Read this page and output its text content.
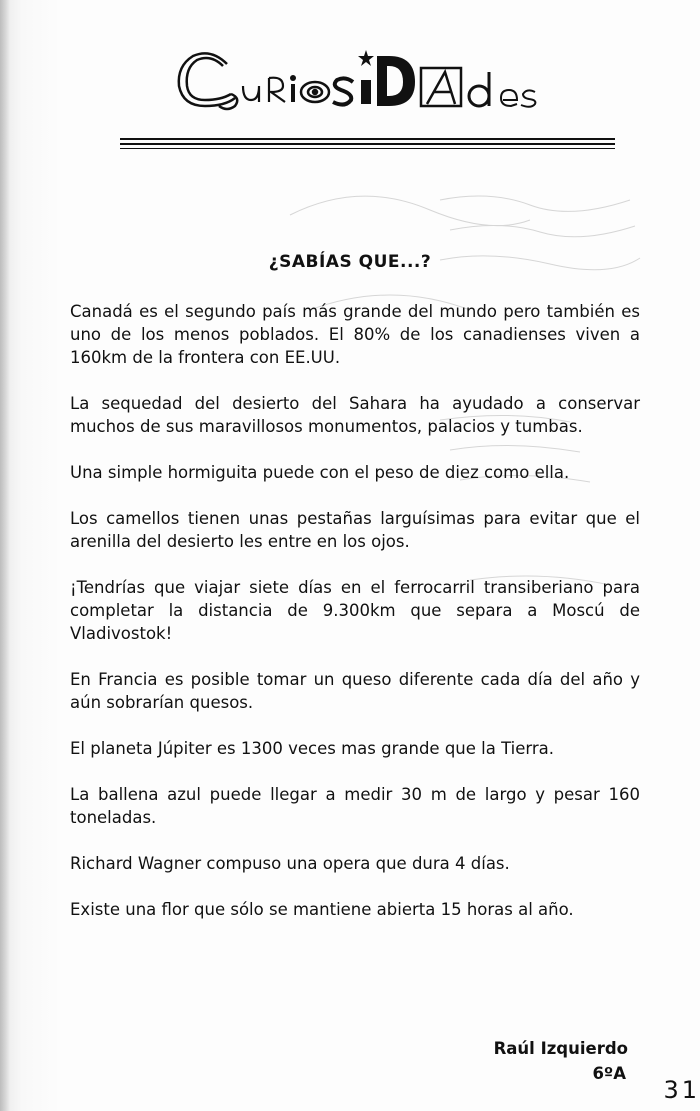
¿SABÍAS QUE...?
Canadá es el segundo país más grande del mundo pero también es uno de los menos poblados. El 80% de los canadienses viven a 160km de la frontera con EE.UU.
La sequedad del desierto del Sahara ha ayudado a conservar muchos de sus maravillosos monumentos, palacios y tumbas.
Una simple hormiguita puede con el peso de diez como ella.
Los camellos tienen unas pestañas larguísimas para evitar que el arenilla del desierto les entre en los ojos.
¡Tendrías que viajar siete días en el ferrocarril transiberiano para completar la distancia de 9.300km que separa a Moscú de Vladivostok!
En Francia es posible tomar un queso diferente cada día del año y aún sobrarían quesos.
El planeta Júpiter es 1300 veces mas grande que la Tierra.
La ballena azul puede llegar a medir 30 m de largo y pesar 160 toneladas.
Richard Wagner compuso una opera que dura 4 días.
Existe una flor que sólo se mantiene abierta 15 horas al año.
Raúl Izquierdo
6ºA
31
